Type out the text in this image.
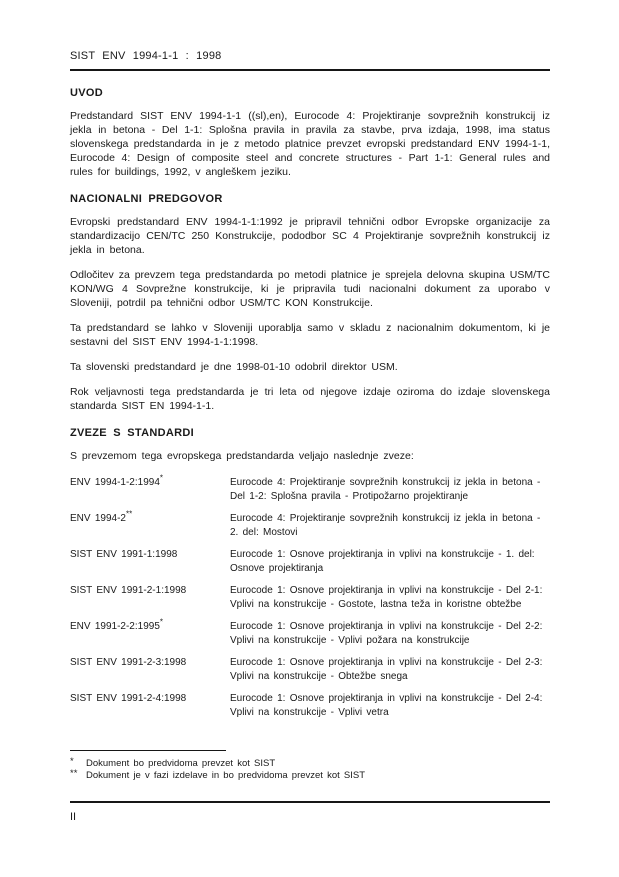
SIST ENV 1994-1-1 : 1998
UVOD

Predstandard SIST ENV 1994-1-1 ((sl),en), Eurocode 4: Projektiranje sovprežnih konstrukcij iz jekla in betona - Del 1-1: Splošna pravila in pravila za stavbe, prva izdaja, 1998, ima status slovenskega predstandarda in je z metodo platnice prevzet evropski predstandard ENV 1994-1-1, Eurocode 4: Design of composite steel and concrete structures - Part 1-1: General rules and rules for buildings, 1992, v angleškem jeziku.

NACIONALNI PREDGOVOR

Evropski predstandard ENV 1994-1-1:1992 je pripravil tehnični odbor Evropske organizacije za standardizacijo CEN/TC 250 Konstrukcije, pododbor SC 4 Projektiranje sovprežnih konstrukcij iz jekla in betona.

Odločitev za prevzem tega predstandarda po metodi platnice je sprejela delovna skupina USM/TC KON/WG 4 Sovprežne konstrukcije, ki je pripravila tudi nacionalni dokument za uporabo v Sloveniji, potrdil pa tehnični odbor USM/TC KON Konstrukcije.

Ta predstandard se lahko v Sloveniji uporablja samo v skladu z nacionalnim dokumentom, ki je sestavni del SIST ENV 1994-1-1:1998.

Ta slovenski predstandard je dne 1998-01-10 odobril direktor USM.

Rok veljavnosti tega predstandarda je tri leta od njegove izdaje oziroma do izdaje slovenskega standarda SIST EN 1994-1-1.

ZVEZE S STANDARDI

S prevzemom tega evropskega predstandarda veljajo naslednje zveze:

ENV 1994-1-2:1994*	Eurocode 4: Projektiranje sovprežnih konstrukcij iz jekla in betona - Del 1-2: Splošna pravila - Protipožarno projektiranje
ENV 1994-2**	Eurocode 4: Projektiranje sovprežnih konstrukcij iz jekla in betona - 2. del: Mostovi
SIST ENV 1991-1:1998	Eurocode 1: Osnove projektiranja in vplivi na konstrukcije - 1. del: Osnove projektiranja
SIST ENV 1991-2-1:1998	Eurocode 1: Osnove projektiranja in vplivi na konstrukcije - Del 2-1: Vplivi na konstrukcije - Gostote, lastna teža in koristne obtežbe
ENV 1991-2-2:1995*	Eurocode 1: Osnove projektiranja in vplivi na konstrukcije - Del 2-2: Vplivi na konstrukcije - Vplivi požara na konstrukcije
SIST ENV 1991-2-3:1998	Eurocode 1: Osnove projektiranja in vplivi na konstrukcije - Del 2-3: Vplivi na konstrukcije - Obtežbe snega
SIST ENV 1991-2-4:1998	Eurocode 1: Osnove projektiranja in vplivi na konstrukcije - Del 2-4: Vplivi na konstrukcije - Vplivi vetra
*	Dokument bo predvidoma prevzet kot SIST
** Dokument je v fazi izdelave in bo predvidoma prevzet kot SIST
II
